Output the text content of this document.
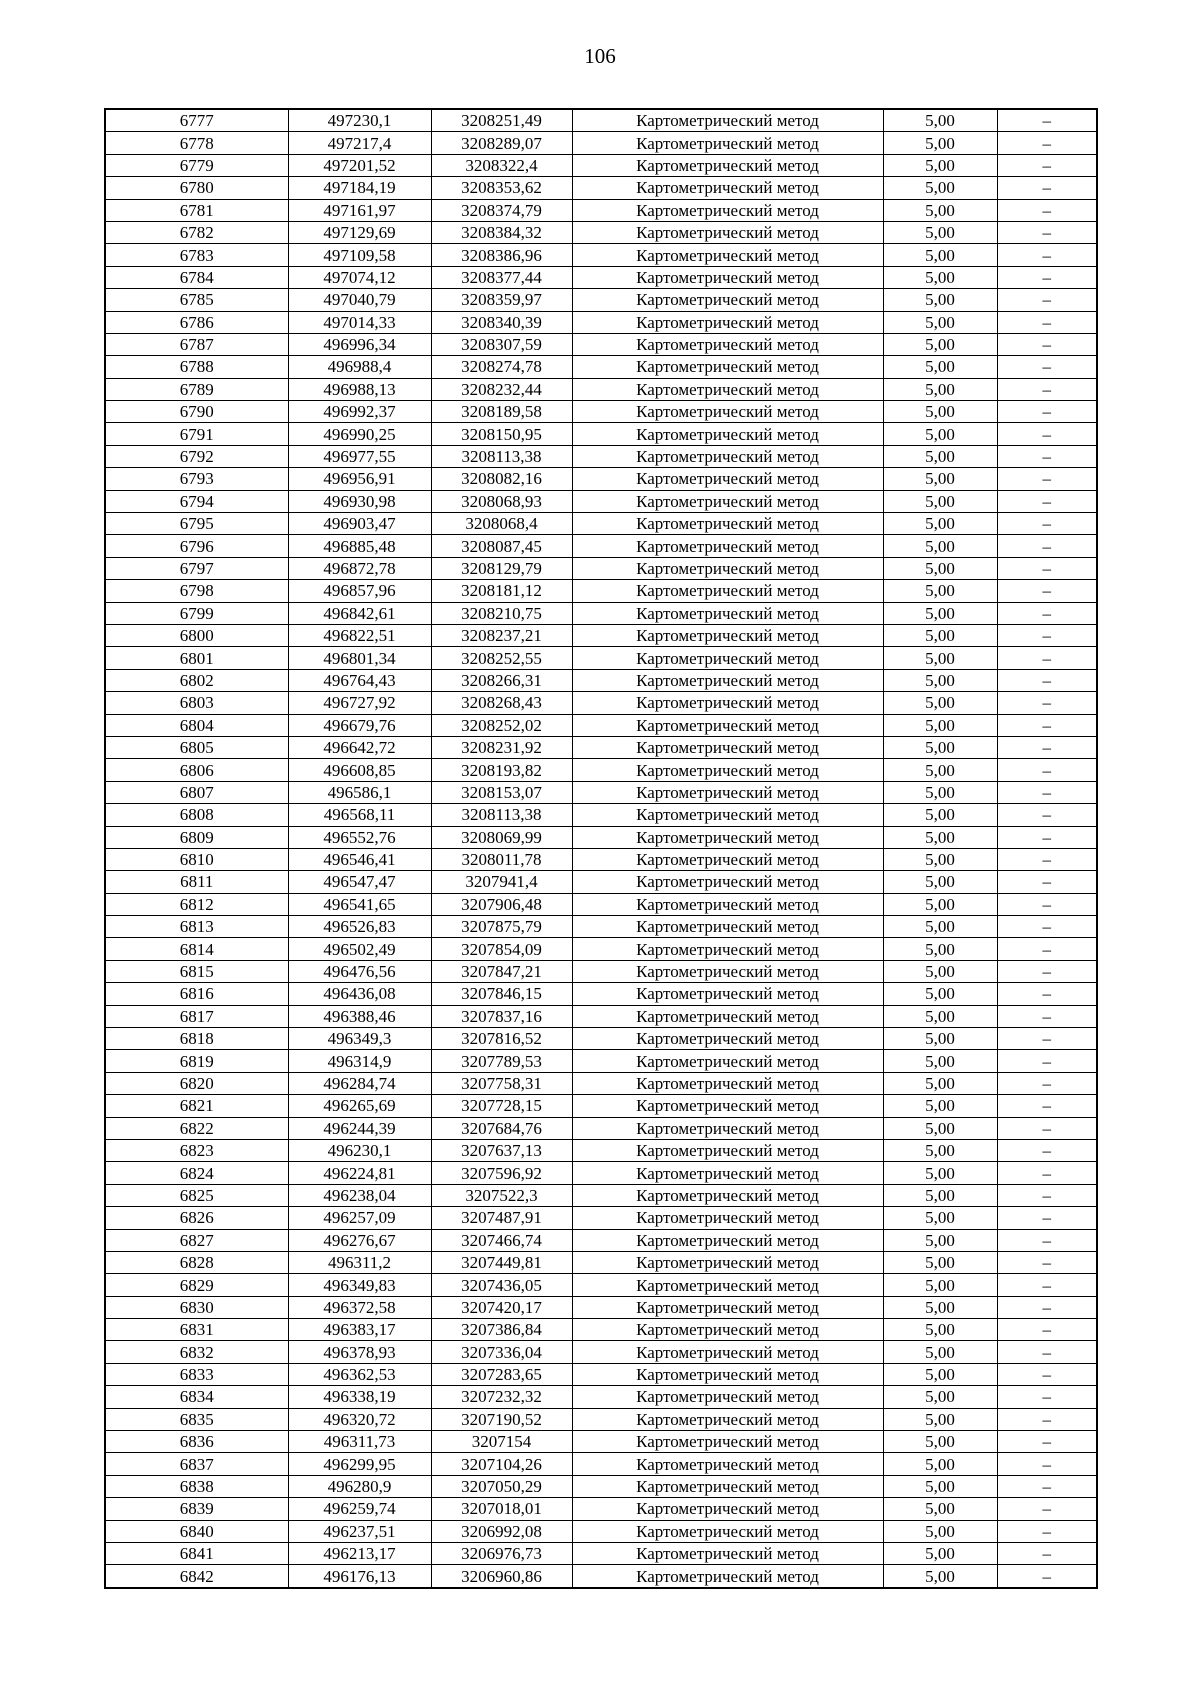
106
6777	497230,1	3208251,49	Картометрический метод	5,00	–
6778	497217,4	3208289,07	Картометрический метод	5,00	–
6779	497201,52	3208322,4	Картометрический метод	5,00	–
6780	497184,19	3208353,62	Картометрический метод	5,00	–
6781	497161,97	3208374,79	Картометрический метод	5,00	–
6782	497129,69	3208384,32	Картометрический метод	5,00	–
6783	497109,58	3208386,96	Картометрический метод	5,00	–
6784	497074,12	3208377,44	Картометрический метод	5,00	–
6785	497040,79	3208359,97	Картометрический метод	5,00	–
6786	497014,33	3208340,39	Картометрический метод	5,00	–
6787	496996,34	3208307,59	Картометрический метод	5,00	–
6788	496988,4	3208274,78	Картометрический метод	5,00	–
6789	496988,13	3208232,44	Картометрический метод	5,00	–
6790	496992,37	3208189,58	Картометрический метод	5,00	–
6791	496990,25	3208150,95	Картометрический метод	5,00	–
6792	496977,55	3208113,38	Картометрический метод	5,00	–
6793	496956,91	3208082,16	Картометрический метод	5,00	–
6794	496930,98	3208068,93	Картометрический метод	5,00	–
6795	496903,47	3208068,4	Картометрический метод	5,00	–
6796	496885,48	3208087,45	Картометрический метод	5,00	–
6797	496872,78	3208129,79	Картометрический метод	5,00	–
6798	496857,96	3208181,12	Картометрический метод	5,00	–
6799	496842,61	3208210,75	Картометрический метод	5,00	–
6800	496822,51	3208237,21	Картометрический метод	5,00	–
6801	496801,34	3208252,55	Картометрический метод	5,00	–
6802	496764,43	3208266,31	Картометрический метод	5,00	–
6803	496727,92	3208268,43	Картометрический метод	5,00	–
6804	496679,76	3208252,02	Картометрический метод	5,00	–
6805	496642,72	3208231,92	Картометрический метод	5,00	–
6806	496608,85	3208193,82	Картометрический метод	5,00	–
6807	496586,1	3208153,07	Картометрический метод	5,00	–
6808	496568,11	3208113,38	Картометрический метод	5,00	–
6809	496552,76	3208069,99	Картометрический метод	5,00	–
6810	496546,41	3208011,78	Картометрический метод	5,00	–
6811	496547,47	3207941,4	Картометрический метод	5,00	–
6812	496541,65	3207906,48	Картометрический метод	5,00	–
6813	496526,83	3207875,79	Картометрический метод	5,00	–
6814	496502,49	3207854,09	Картометрический метод	5,00	–
6815	496476,56	3207847,21	Картометрический метод	5,00	–
6816	496436,08	3207846,15	Картометрический метод	5,00	–
6817	496388,46	3207837,16	Картометрический метод	5,00	–
6818	496349,3	3207816,52	Картометрический метод	5,00	–
6819	496314,9	3207789,53	Картометрический метод	5,00	–
6820	496284,74	3207758,31	Картометрический метод	5,00	–
6821	496265,69	3207728,15	Картометрический метод	5,00	–
6822	496244,39	3207684,76	Картометрический метод	5,00	–
6823	496230,1	3207637,13	Картометрический метод	5,00	–
6824	496224,81	3207596,92	Картометрический метод	5,00	–
6825	496238,04	3207522,3	Картометрический метод	5,00	–
6826	496257,09	3207487,91	Картометрический метод	5,00	–
6827	496276,67	3207466,74	Картометрический метод	5,00	–
6828	496311,2	3207449,81	Картометрический метод	5,00	–
6829	496349,83	3207436,05	Картометрический метод	5,00	–
6830	496372,58	3207420,17	Картометрический метод	5,00	–
6831	496383,17	3207386,84	Картометрический метод	5,00	–
6832	496378,93	3207336,04	Картометрический метод	5,00	–
6833	496362,53	3207283,65	Картометрический метод	5,00	–
6834	496338,19	3207232,32	Картометрический метод	5,00	–
6835	496320,72	3207190,52	Картометрический метод	5,00	–
6836	496311,73	3207154	Картометрический метод	5,00	–
6837	496299,95	3207104,26	Картометрический метод	5,00	–
6838	496280,9	3207050,29	Картометрический метод	5,00	–
6839	496259,74	3207018,01	Картометрический метод	5,00	–
6840	496237,51	3206992,08	Картометрический метод	5,00	–
6841	496213,17	3206976,73	Картометрический метод	5,00	–
6842	496176,13	3206960,86	Картометрический метод	5,00	–
